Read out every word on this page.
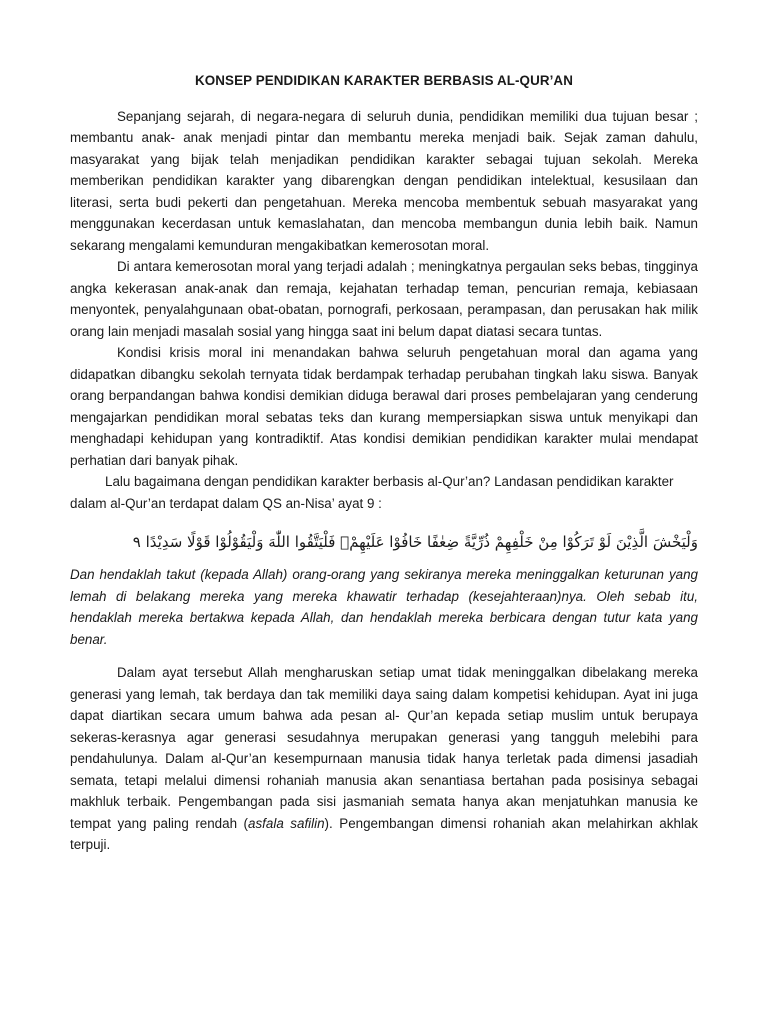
KONSEP PENDIDIKAN KARAKTER BERBASIS AL-QUR’AN

Sepanjang sejarah, di negara-negara di seluruh dunia, pendidikan memiliki dua tujuan besar ; membantu anak- anak menjadi pintar dan membantu mereka menjadi baik. Sejak zaman dahulu, masyarakat yang bijak telah menjadikan pendidikan karakter sebagai tujuan sekolah. Mereka memberikan pendidikan karakter yang dibarengkan dengan pendidikan intelektual, kesusilaan dan literasi, serta budi pekerti dan pengetahuan. Mereka mencoba membentuk sebuah masyarakat yang menggunakan kecerdasan untuk kemaslahatan, dan mencoba membangun dunia lebih baik. Namun sekarang mengalami kemunduran mengakibatkan kemerosotan moral.

Di antara kemerosotan moral yang terjadi adalah ; meningkatnya pergaulan seks bebas, tingginya angka kekerasan anak-anak dan remaja, kejahatan terhadap teman, pencurian remaja, kebiasaan menyontek, penyalahgunaan obat-obatan, pornografi, perkosaan, perampasan, dan perusakan hak milik orang lain menjadi masalah sosial yang hingga saat ini belum dapat diatasi secara tuntas.

Kondisi krisis moral ini menandakan bahwa seluruh pengetahuan moral dan agama yang didapatkan dibangku sekolah ternyata tidak berdampak terhadap perubahan tingkah laku siswa. Banyak orang berpandangan bahwa kondisi demikian diduga berawal dari proses pembelajaran yang cenderung mengajarkan pendidikan moral sebatas teks dan kurang mempersiapkan siswa untuk menyikapi dan menghadapi kehidupan yang kontradiktif. Atas kondisi demikian pendidikan karakter mulai mendapat perhatian dari banyak pihak.

Lalu bagaimana dengan pendidikan karakter berbasis al-Qur’an? Landasan pendidikan karakter dalam al-Qur’an terdapat dalam QS an-Nisa’ ayat 9 :

وَلْيَخْشَ الَّذِيْنَ لَوْ تَرَكُوْا مِنْ خَلْفِهِمْ ذُرِّيَّةً ضِعٰفًا خَافُوْا عَلَيْهِمْۖ فَلْيَتَّقُوا اللّٰهَ وَلْيَقُوْلُوْا قَوْلًا سَدِيْدًا ٩

Dan hendaklah takut (kepada Allah) orang-orang yang sekiranya mereka meninggalkan keturunan yang lemah di belakang mereka yang mereka khawatir terhadap (kesejahteraan)nya. Oleh sebab itu, hendaklah mereka bertakwa kepada Allah, dan hendaklah mereka berbicara dengan tutur kata yang benar.

Dalam ayat tersebut Allah mengharuskan setiap umat tidak meninggalkan dibelakang mereka generasi yang lemah, tak berdaya dan tak memiliki daya saing dalam kompetisi kehidupan. Ayat ini juga dapat diartikan secara umum bahwa ada pesan al- Qur’an kepada setiap muslim untuk berupaya sekeras-kerasnya agar generasi sesudahnya merupakan generasi yang tangguh melebihi para pendahulunya. Dalam al-Qur’an kesempurnaan manusia tidak hanya terletak pada dimensi jasadiah semata, tetapi melalui dimensi rohaniah manusia akan senantiasa bertahan pada posisinya sebagai makhluk terbaik. Pengembangan pada sisi jasmaniah semata hanya akan menjatuhkan manusia ke tempat yang paling rendah (asfala safilin). Pengembangan dimensi rohaniah akan melahirkan akhlak terpuji.
